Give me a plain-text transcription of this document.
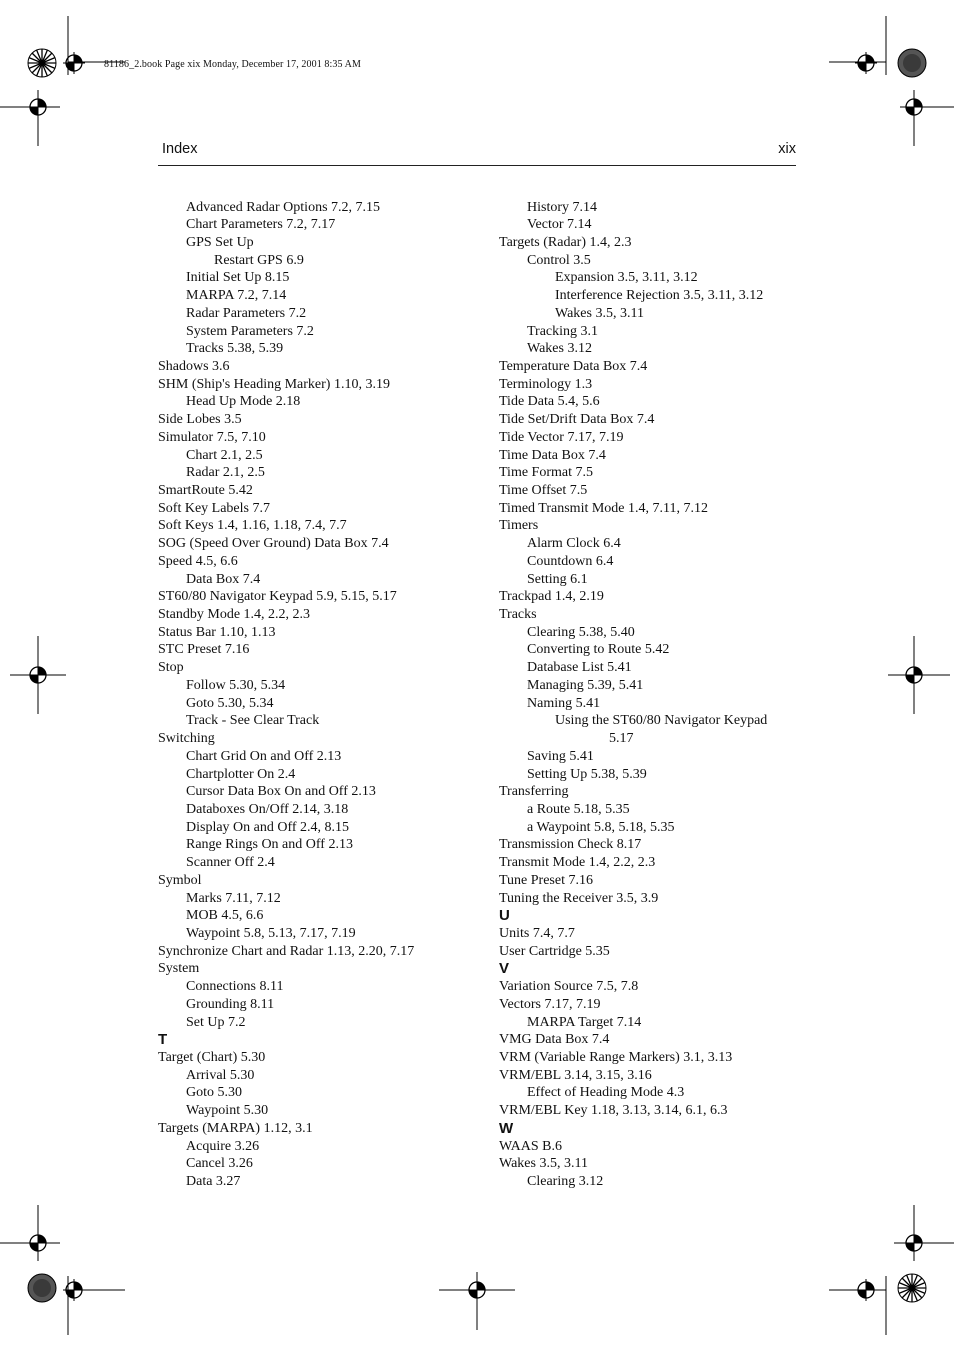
81186_2.book Page xix Monday, December 17, 2001 8:35 AM
Index	xix
Advanced Radar Options 7.2, 7.15
Chart Parameters 7.2, 7.17
GPS Set Up
Restart GPS 6.9
Initial Set Up 8.15
MARPA 7.2, 7.14
Radar Parameters 7.2
System Parameters 7.2
Tracks 5.38, 5.39
Shadows 3.6
SHM (Ship's Heading Marker) 1.10, 3.19
Head Up Mode 2.18
Side Lobes 3.5
Simulator 7.5, 7.10
Chart 2.1, 2.5
Radar 2.1, 2.5
SmartRoute 5.42
Soft Key Labels 7.7
Soft Keys 1.4, 1.16, 1.18, 7.4, 7.7
SOG (Speed Over Ground) Data Box 7.4
Speed 4.5, 6.6
Data Box 7.4
ST60/80 Navigator Keypad 5.9, 5.15, 5.17
Standby Mode 1.4, 2.2, 2.3
Status Bar 1.10, 1.13
STC Preset 7.16
Stop
Follow 5.30, 5.34
Goto 5.30, 5.34
Track - See Clear Track
Switching
Chart Grid On and Off 2.13
Chartplotter On 2.4
Cursor Data Box On and Off 2.13
Databoxes On/Off 2.14, 3.18
Display On and Off 2.4, 8.15
Range Rings On and Off 2.13
Scanner Off 2.4
Symbol
Marks 7.11, 7.12
MOB 4.5, 6.6
Waypoint 5.8, 5.13, 7.17, 7.19
Synchronize Chart and Radar 1.13, 2.20, 7.17
System
Connections 8.11
Grounding 8.11
Set Up 7.2
T
Target (Chart) 5.30
Arrival 5.30
Goto 5.30
Waypoint 5.30
Targets (MARPA) 1.12, 3.1
Acquire 3.26
Cancel 3.26
Data 3.27
History 7.14
Vector 7.14
Targets (Radar) 1.4, 2.3
Control 3.5
Expansion 3.5, 3.11, 3.12
Interference Rejection 3.5, 3.11, 3.12
Wakes 3.5, 3.11
Tracking 3.1
Wakes 3.12
Temperature Data Box 7.4
Terminology 1.3
Tide Data 5.4, 5.6
Tide Set/Drift Data Box 7.4
Tide Vector 7.17, 7.19
Time Data Box 7.4
Time Format 7.5
Time Offset 7.5
Timed Transmit Mode 1.4, 7.11, 7.12
Timers
Alarm Clock 6.4
Countdown 6.4
Setting 6.1
Trackpad 1.4, 2.19
Tracks
Clearing 5.38, 5.40
Converting to Route 5.42
Database List 5.41
Managing 5.39, 5.41
Naming 5.41
Using the ST60/80 Navigator Keypad
5.17
Saving 5.41
Setting Up 5.38, 5.39
Transferring
a Route 5.18, 5.35
a Waypoint 5.8, 5.18, 5.35
Transmission Check 8.17
Transmit Mode 1.4, 2.2, 2.3
Tune Preset 7.16
Tuning the Receiver 3.5, 3.9
U
Units 7.4, 7.7
User Cartridge 5.35
V
Variation Source 7.5, 7.8
Vectors 7.17, 7.19
MARPA Target 7.14
VMG Data Box 7.4
VRM (Variable Range Markers) 3.1, 3.13
VRM/EBL 3.14, 3.15, 3.16
Effect of Heading Mode 4.3
VRM/EBL Key 1.18, 3.13, 3.14, 6.1, 6.3
W
WAAS B.6
Wakes 3.5, 3.11
Clearing 3.12
